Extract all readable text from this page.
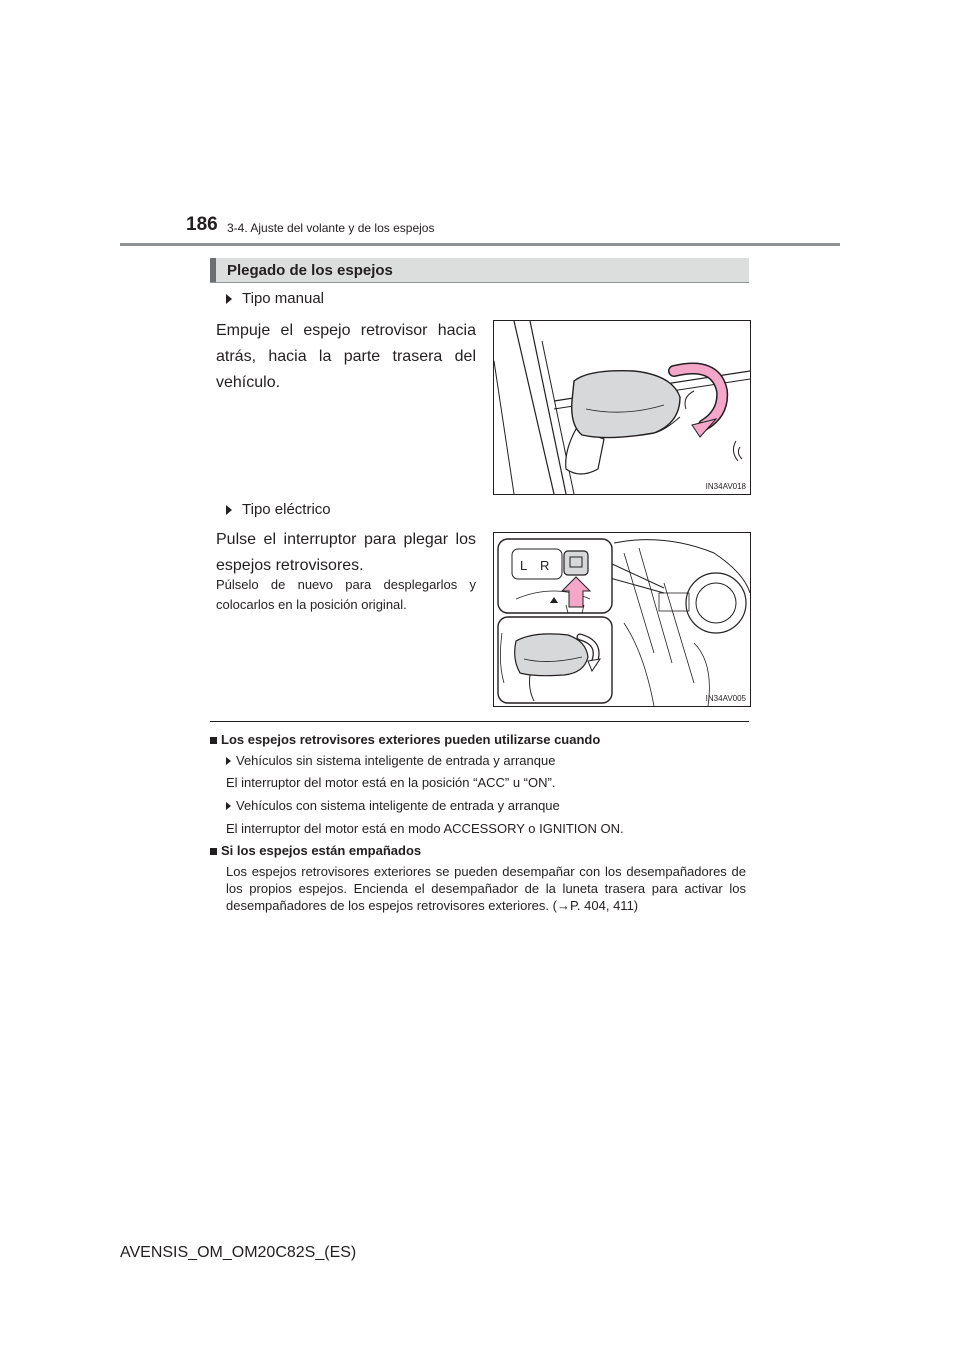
186 3-4. Ajuste del volante y de los espejos
Plegado de los espejos
Tipo manual
Empuje el espejo retrovisor hacia atrás, hacia la parte trasera del vehículo.
IN34AV018
Tipo eléctrico
Pulse el interruptor para plegar los espejos retrovisores.
Púlselo de nuevo para desplegarlos y colocarlos en la posición original.
L R
IN34AV005
Los espejos retrovisores exteriores pueden utilizarse cuando
Vehículos sin sistema inteligente de entrada y arranque
El interruptor del motor está en la posición “ACC” u “ON”.
Vehículos con sistema inteligente de entrada y arranque
El interruptor del motor está en modo ACCESSORY o IGNITION ON.
Si los espejos están empañados
Los espejos retrovisores exteriores se pueden desempañar con los desempañadores de los propios espejos. Encienda el desempañador de la luneta trasera para activar los desempañadores de los espejos retrovisores exteriores. (→P. 404, 411)
AVENSIS_OM_OM20C82S_(ES)
